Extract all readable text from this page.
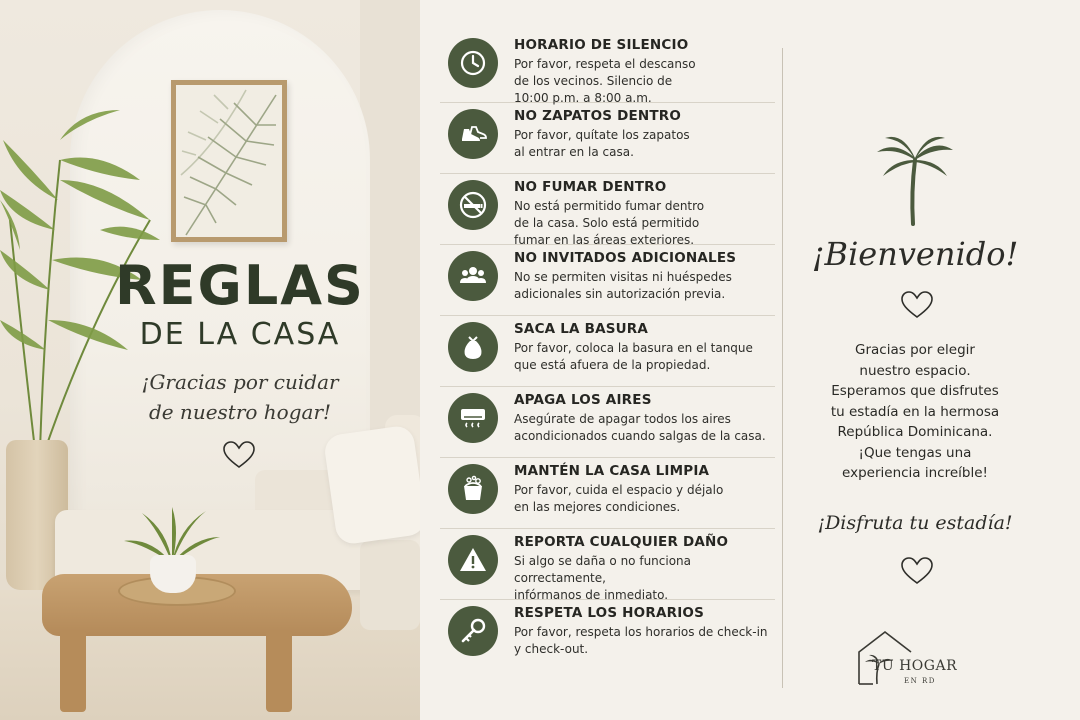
REGLAS
DE LA CASA
¡Gracias por cuidar
de nuestro hogar!
HORARIO DE SILENCIO
Por favor, respeta el descanso
de los vecinos. Silencio de
10:00 p.m. a 8:00 a.m.
NO ZAPATOS DENTRO
Por favor, quítate los zapatos
al entrar en la casa.
NO FUMAR DENTRO
No está permitido fumar dentro
de la casa. Solo está permitido
fumar en las áreas exteriores.
NO INVITADOS ADICIONALES
No se permiten visitas ni huéspedes
adicionales sin autorización previa.
SACA LA BASURA
Por favor, coloca la basura en el tanque
que está afuera de la propiedad.
APAGA LOS AIRES
Asegúrate de apagar todos los aires
acondicionados cuando salgas de la casa.
MANTÉN LA CASA LIMPIA
Por favor, cuida el espacio y déjalo
en las mejores condiciones.
REPORTA CUALQUIER DAÑO
Si algo se daña o no funciona correctamente,
infórmanos de inmediato.
RESPETA LOS HORARIOS
Por favor, respeta los horarios de check-in
y check-out.
¡Bienvenido!
Gracias por elegir
nuestro espacio.
Esperamos que disfrutes
tu estadía en la hermosa
República Dominicana.
¡Que tengas una
experiencia increíble!
¡Disfruta tu estadía!
TU HOGAR
EN RD
